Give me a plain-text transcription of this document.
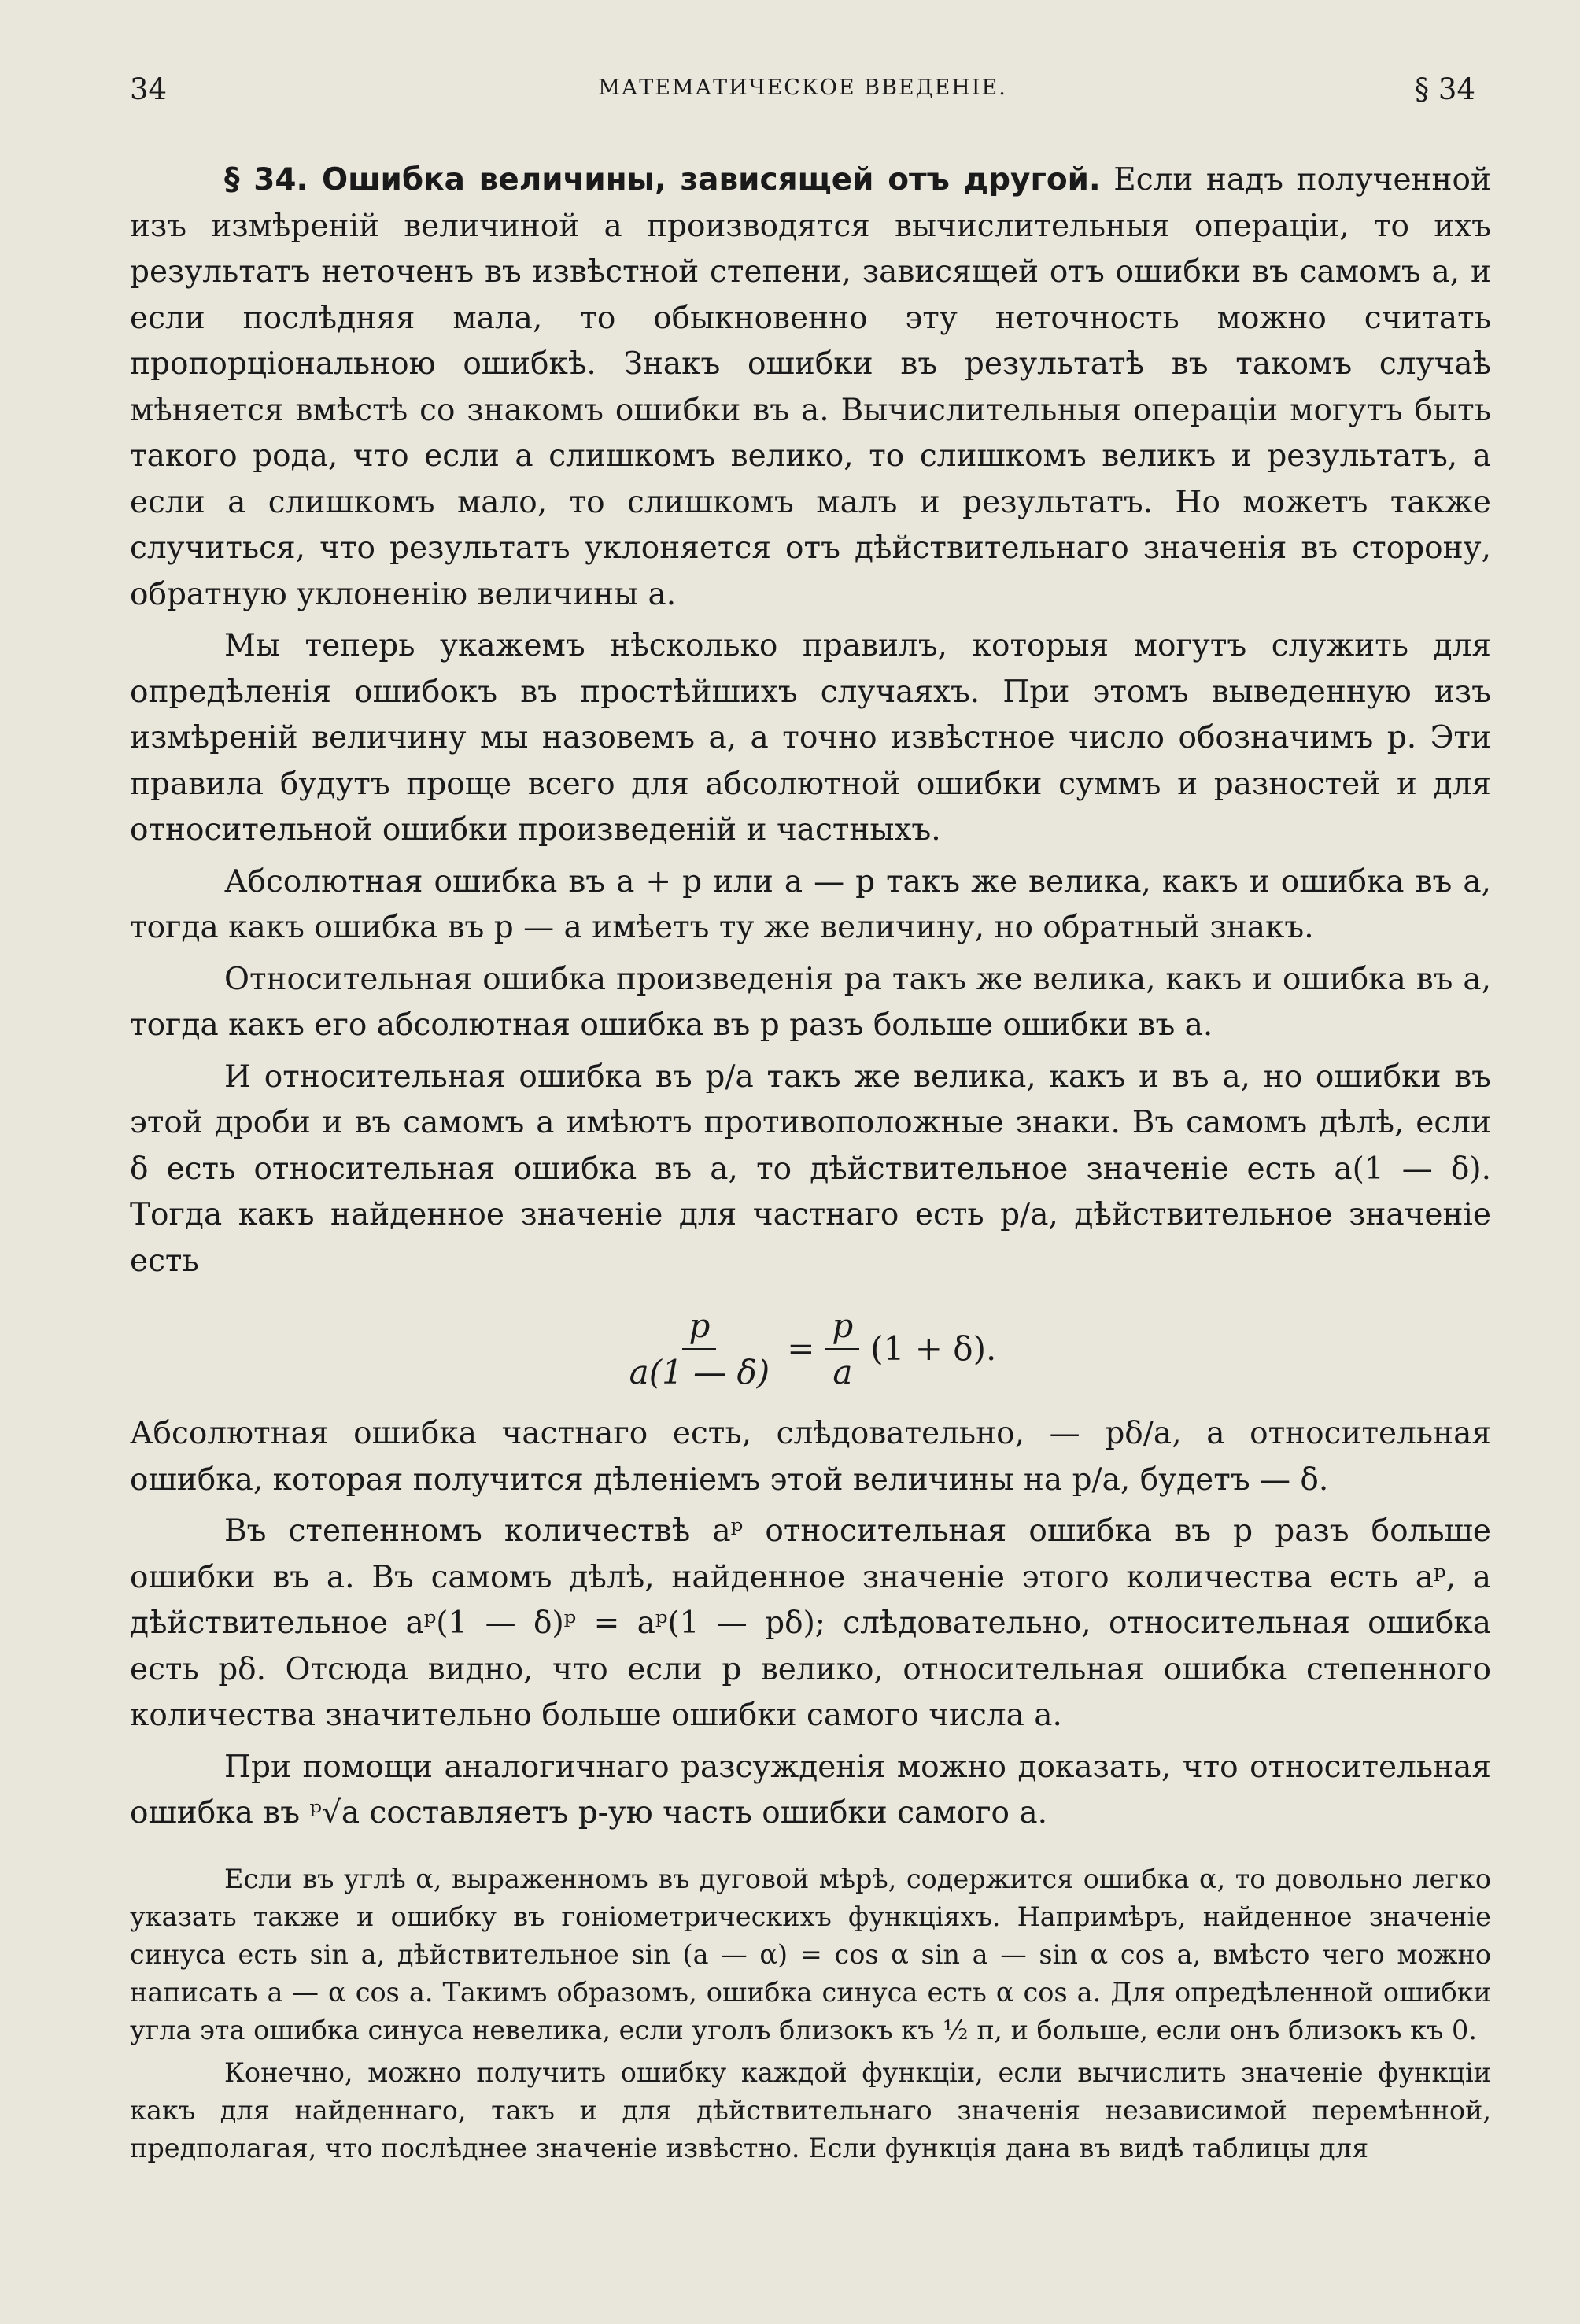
34	МАТЕМАТИЧЕСКОЕ ВВЕДЕНІЕ.	§ 34

§ 34. Ошибка величины, зависящей отъ другой. Если надъ полученной изъ измѣреній величиной a производятся вычислительныя операціи, то ихъ результатъ неточенъ въ извѣстной степени, зависящей отъ ошибки въ самомъ a, и если послѣдняя мала, то обыкновенно эту неточность можно считать пропорціональною ошибкѣ. Знакъ ошибки въ результатѣ въ такомъ случаѣ мѣняется вмѣстѣ со знакомъ ошибки въ a. Вычислительныя операціи могутъ быть такого рода, что если a слишкомъ велико, то слишкомъ великъ и результатъ, а если a слишкомъ мало, то слишкомъ малъ и результатъ. Но можетъ также случиться, что результатъ уклоняется отъ дѣйствительнаго значенія въ сторону, обратную уклоненію величины a.

Мы теперь укажемъ нѣсколько правилъ, которыя могутъ служить для опредѣленія ошибокъ въ простѣйшихъ случаяхъ. При этомъ выведенную изъ измѣреній величину мы назовемъ a, а точно извѣстное число обозначимъ p. Эти правила будутъ проще всего для абсолютной ошибки суммъ и разностей и для относительной ошибки произведеній и частныхъ.

Абсолютная ошибка въ a + p или a — p такъ же велика, какъ и ошибка въ a, тогда какъ ошибка въ p — a имѣетъ ту же величину, но обратный знакъ.

Относительная ошибка произведенія pa такъ же велика, какъ и ошибка въ a, тогда какъ его абсолютная ошибка въ p разъ больше ошибки въ a.

И относительная ошибка въ p/a такъ же велика, какъ и въ a, но ошибки въ этой дроби и въ самомъ a имѣютъ противоположные знаки. Въ самомъ дѣлѣ, если δ есть относительная ошибка въ a, то дѣйствительное значеніе есть a(1 — δ). Тогда какъ найденное значеніе для частнаго есть p/a, дѣйствительное значеніе есть

$\frac{p}{a(1 — \delta)} = \frac{p}{a} (1 + \delta)$.

Абсолютная ошибка частнаго есть, слѣдовательно, — pδ/a, а относительная ошибка, которая получится дѣленіемъ этой величины на p/a, будетъ — δ.

Въ степенномъ количествѣ aᵖ относительная ошибка въ p разъ больше ошибки въ a. Въ самомъ дѣлѣ, найденное значеніе этого количества есть aᵖ, а дѣйствительное aᵖ(1 — δ)ᵖ = aᵖ(1 — pδ); слѣдовательно, относительная ошибка есть pδ. Отсюда видно, что если p велико, относительная ошибка степенного количества значительно больше ошибки самого числа a.

При помощи аналогичнаго разсужденія можно доказать, что относительная ошибка въ ᵖ√a составляетъ p-ую часть ошибки самого a.

Если въ углѣ α, выраженномъ въ дуговой мѣрѣ, содержится ошибка α, то довольно легко указать также и ошибку въ гоніометрическихъ функціяхъ. Напримѣръ, найденное значеніе синуса есть sin a, дѣйствительное sin (a — α) = cos α sin a — sin α cos a, вмѣсто чего можно написать a — α cos a. Такимъ образомъ, ошибка синуса есть α cos a. Для опредѣленной ошибки угла эта ошибка синуса невелика, если уголъ близокъ къ ½ π, и больше, если онъ близокъ къ 0.

Конечно, можно получить ошибку каждой функціи, если вычислить значеніе функціи какъ для найденнаго, такъ и для дѣйствительнаго значенія независимой перемѣнной, предполагая, что послѣднее значеніе извѣстно. Если функція дана въ видѣ таблицы для
